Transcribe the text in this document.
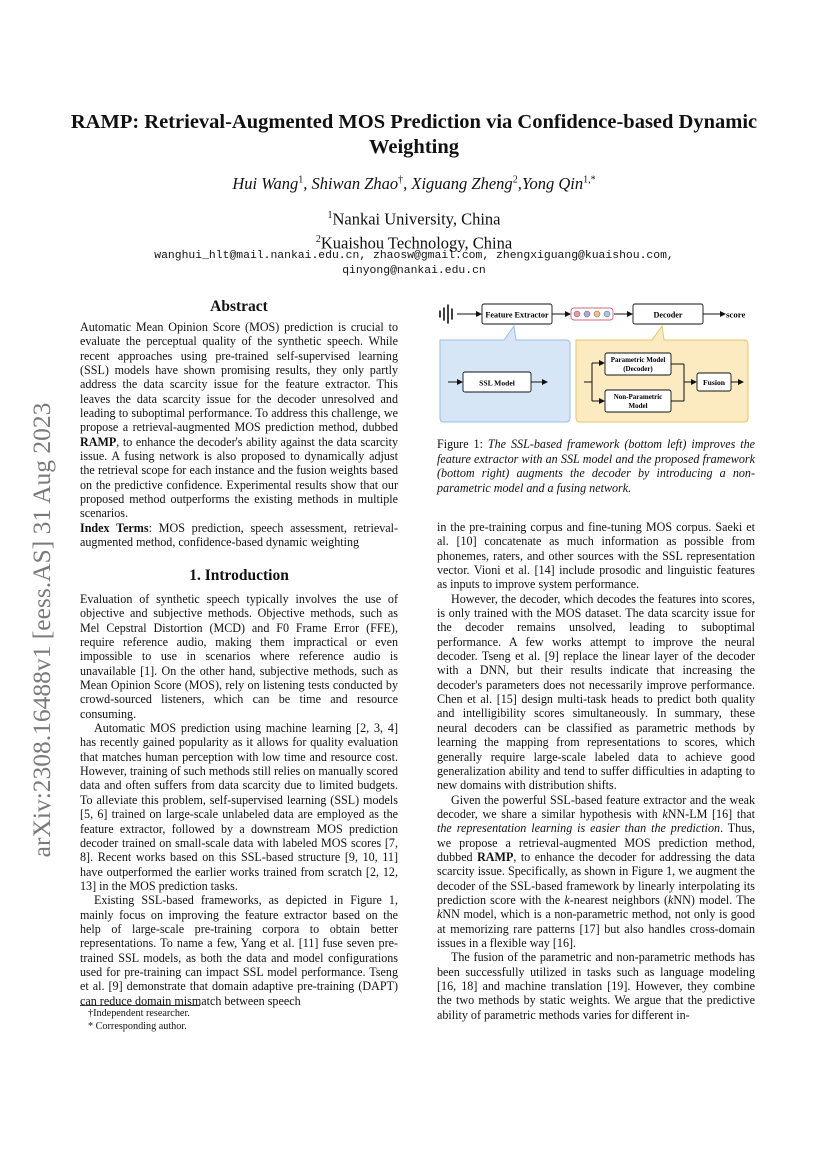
arXiv:2308.16488v1 [eess.AS] 31 Aug 2023
RAMP: Retrieval-Augmented MOS Prediction via Confidence-based Dynamic Weighting
Hui Wang$^1$, Shiwan Zhao†, Xiguang Zheng$^2$,Yong Qin$^{1,*}$
$^1$Nankai University, China
$^2$Kuaishou Technology, China
wanghui_hlt@mail.nankai.edu.cn, zhaosw@gmail.com, zhengxiguang@kuaishou.com,
qinyong@nankai.edu.cn
Abstract

Automatic Mean Opinion Score (MOS) prediction is crucial to evaluate the perceptual quality of the synthetic speech. While recent approaches using pre-trained self-supervised learning (SSL) models have shown promising results, they only partly address the data scarcity issue for the feature extractor. This leaves the data scarcity issue for the decoder unresolved and leading to suboptimal performance. To address this challenge, we propose a retrieval-augmented MOS prediction method, dubbed RAMP, to enhance the decoder's ability against the data scarcity issue. A fusing network is also proposed to dynamically adjust the retrieval scope for each instance and the fusion weights based on the predictive confidence. Experimental results show that our proposed method outperforms the existing methods in multiple scenarios.

Index Terms: MOS prediction, speech assessment, retrieval-augmented method, confidence-based dynamic weighting

1. Introduction

Evaluation of synthetic speech typically involves the use of objective and subjective methods. Objective methods, such as Mel Cepstral Distortion (MCD) and F0 Frame Error (FFE), require reference audio, making them impractical or even impossible to use in scenarios where reference audio is unavailable [1]. On the other hand, subjective methods, such as Mean Opinion Score (MOS), rely on listening tests conducted by crowd-sourced listeners, which can be time and resource consuming.

Automatic MOS prediction using machine learning [2, 3, 4] has recently gained popularity as it allows for quality evaluation that matches human perception with low time and resource cost. However, training of such methods still relies on manually scored data and often suffers from data scarcity due to limited budgets. To alleviate this problem, self-supervised learning (SSL) models [5, 6] trained on large-scale unlabeled data are employed as the feature extractor, followed by a downstream MOS prediction decoder trained on small-scale data with labeled MOS scores [7, 8]. Recent works based on this SSL-based structure [9, 10, 11] have outperformed the earlier works trained from scratch [2, 12, 13] in the MOS prediction tasks.

Existing SSL-based frameworks, as depicted in Figure 1, mainly focus on improving the feature extractor based on the help of large-scale pre-training corpora to obtain better representations. To name a few, Yang et al. [11] fuse seven pre-trained SSL models, as both the data and model configurations used for pre-training can impact SSL model performance. Tseng et al. [9] demonstrate that domain adaptive pre-training (DAPT) can reduce domain mismatch between speech

†Independent researcher.
* Corresponding author.
Feature Extractor	Decoder	score
SSL Model
Parametric Model
(Decoder)
Non-Parametric
Model
Fusion
Figure 1: The SSL-based framework (bottom left) improves the feature extractor with an SSL model and the proposed framework (bottom right) augments the decoder by introducing a non-parametric model and a fusing network.

in the pre-training corpus and fine-tuning MOS corpus. Saeki et al. [10] concatenate as much information as possible from phonemes, raters, and other sources with the SSL representation vector. Vioni et al. [14] include prosodic and linguistic features as inputs to improve system performance.

However, the decoder, which decodes the features into scores, is only trained with the MOS dataset. The data scarcity issue for the decoder remains unsolved, leading to suboptimal performance. A few works attempt to improve the neural decoder. Tseng et al. [9] replace the linear layer of the decoder with a DNN, but their results indicate that increasing the decoder's parameters does not necessarily improve performance. Chen et al. [15] design multi-task heads to predict both quality and intelligibility scores simultaneously. In summary, these neural decoders can be classified as parametric methods by learning the mapping from representations to scores, which generally require large-scale labeled data to achieve good generalization ability and tend to suffer difficulties in adapting to new domains with distribution shifts.

Given the powerful SSL-based feature extractor and the weak decoder, we share a similar hypothesis with kNN-LM [16] that the representation learning is easier than the prediction. Thus, we propose a retrieval-augmented MOS prediction method, dubbed RAMP, to enhance the decoder for addressing the data scarcity issue. Specifically, as shown in Figure 1, we augment the decoder of the SSL-based framework by linearly interpolating its prediction score with the k-nearest neighbors (kNN) model. The kNN model, which is a non-parametric method, not only is good at memorizing rare patterns [17] but also handles cross-domain issues in a flexible way [16].

The fusion of the parametric and non-parametric methods has been successfully utilized in tasks such as language modeling [16, 18] and machine translation [19]. However, they combine the two methods by static weights. We argue that the predictive ability of parametric methods varies for different in-
